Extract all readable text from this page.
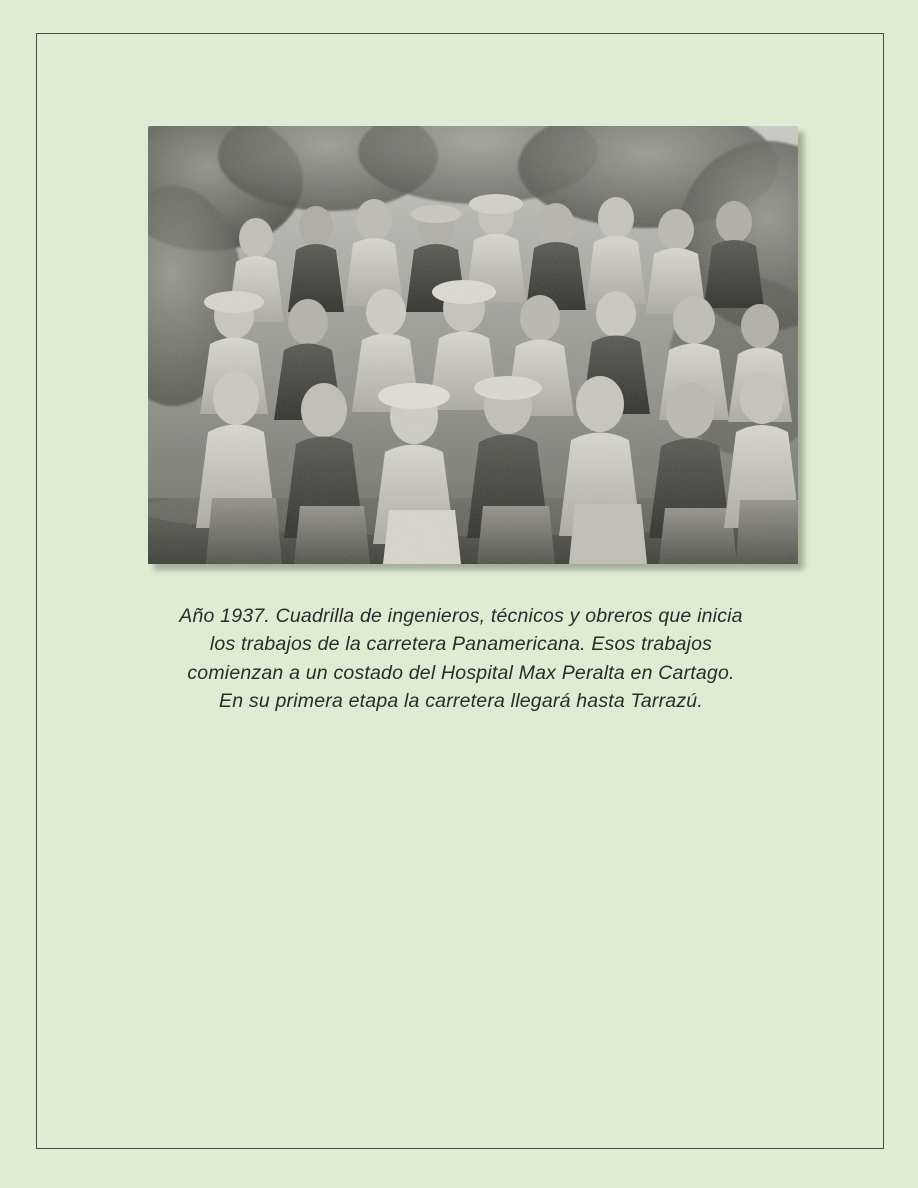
Año 1937. Cuadrilla de ingenieros, técnicos y obreros que inicia
los trabajos de la carretera Panamericana. Esos trabajos
comienzan a un costado del Hospital Max Peralta en Cartago.
En su primera etapa la carretera llegará hasta Tarrazú.
